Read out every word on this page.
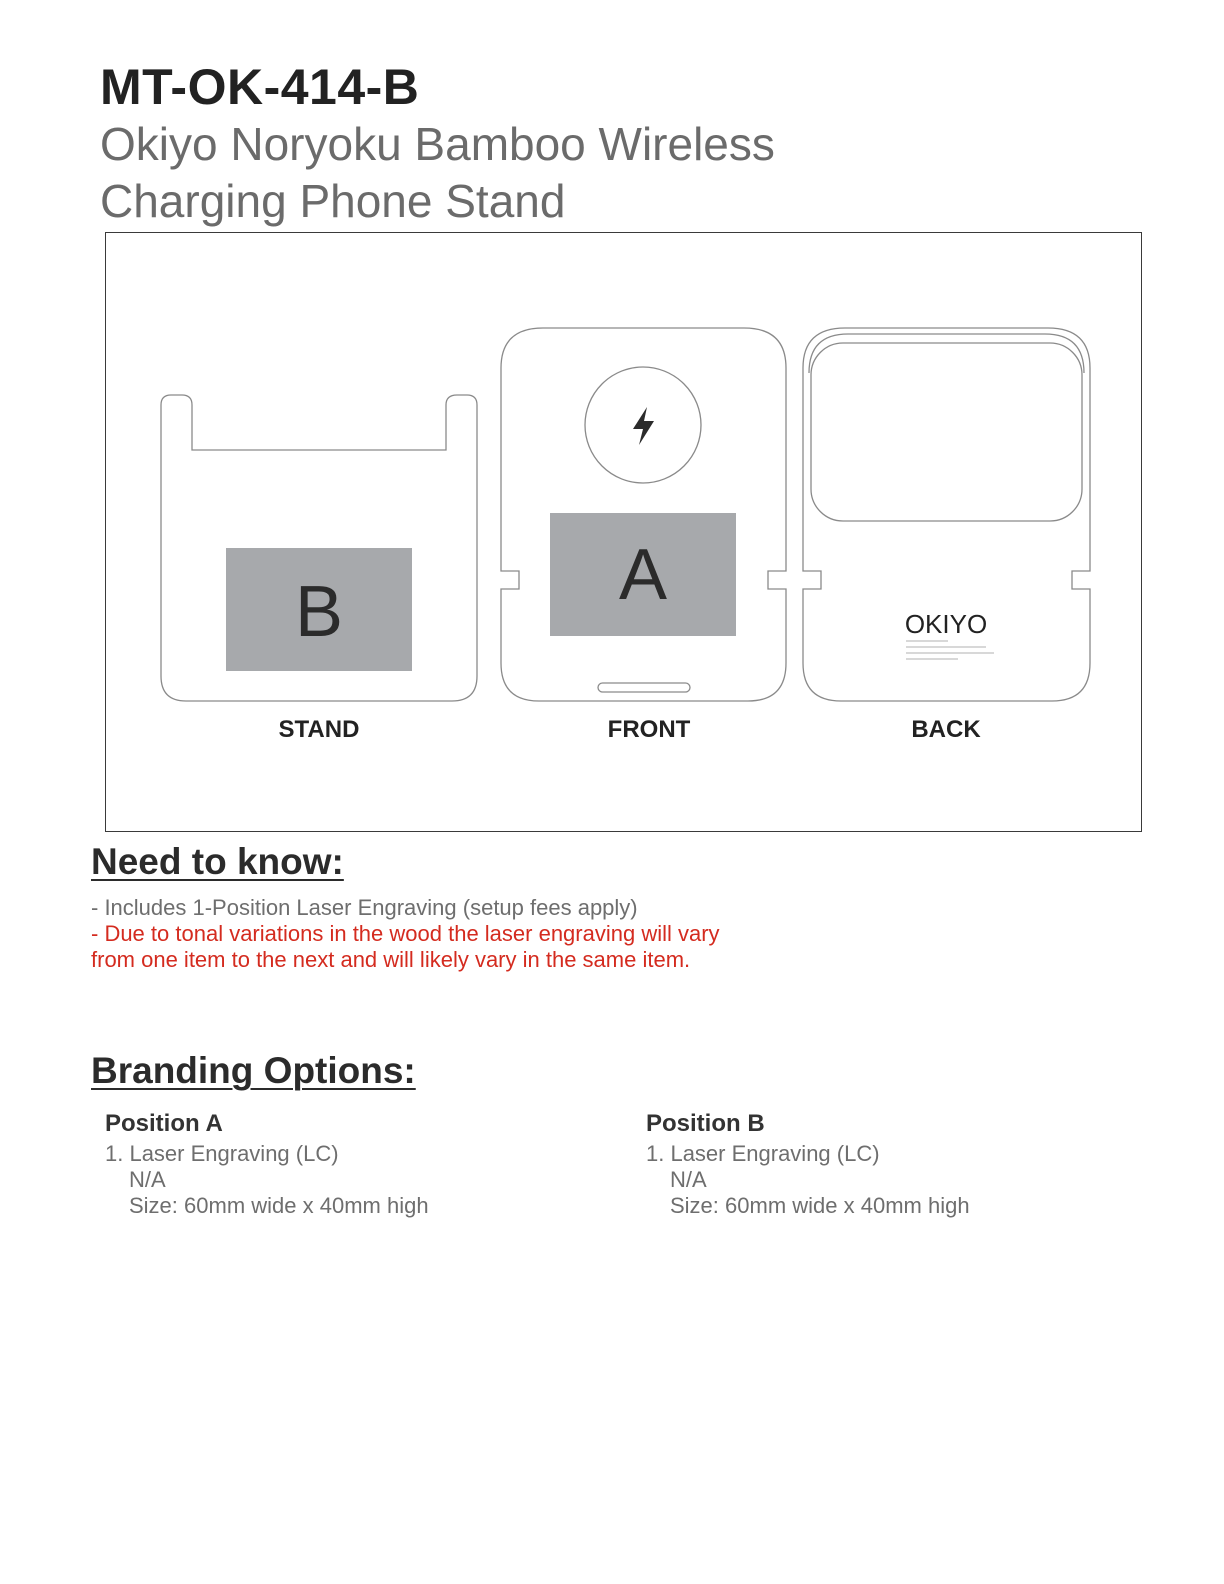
MT-OK-414-B
Okiyo Noryoku Bamboo Wireless
Charging Phone Stand
B
STAND
A
FRONT
OKIYO
BACK
Need to know:
- Includes 1-Position Laser Engraving (setup fees apply)
- Due to tonal variations in the wood the laser engraving will vary
from one item to the next and will likely vary in the same item.
Branding Options:
Position A
1. Laser Engraving (LC)
N/A
Size: 60mm wide x 40mm high
Position B
1. Laser Engraving (LC)
N/A
Size: 60mm wide x 40mm high
